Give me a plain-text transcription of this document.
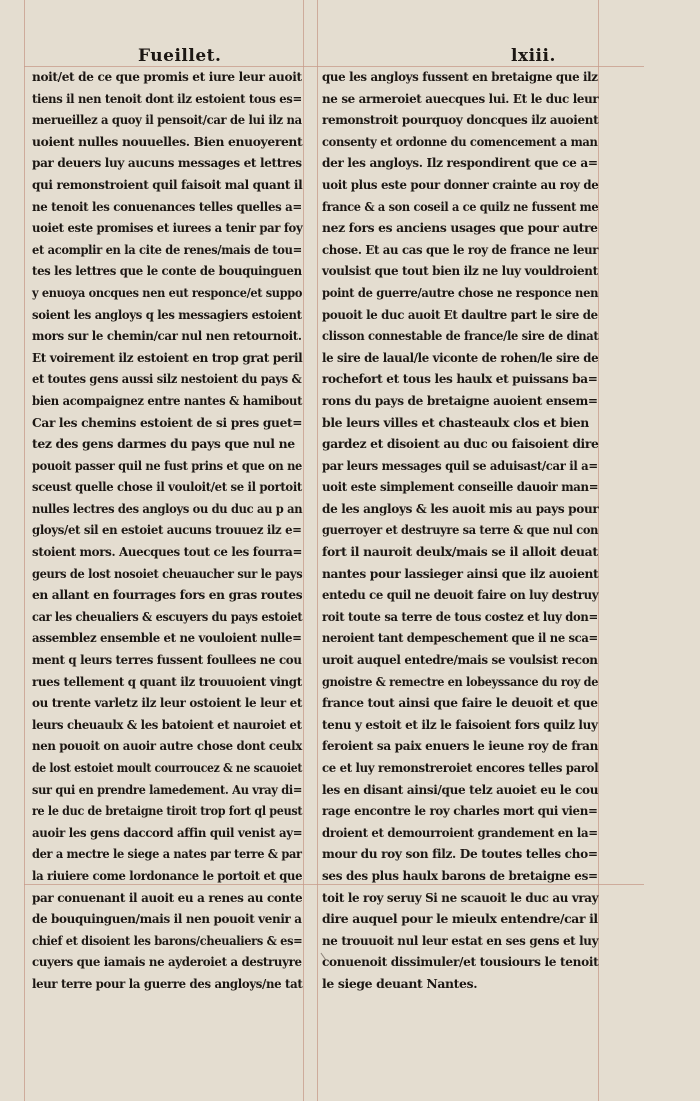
Fueillet.	lxiii.
noit/et de ce que promis et iure leur auoit
tiens il nen tenoit dont ilz estoient tous es=
merueillez a quoy il pensoit/car de lui ilz na
uoient nulles nouuelles. Bien enuoyerent
par deuers luy aucuns messages et lettres
qui remonstroient quil faisoit mal quant il
ne tenoit les conuenances telles quelles a=
uoiet este promises et iurees a tenir par foy
et acomplir en la cite de renes/mais de tou=
tes les lettres que le conte de bouquinguen
y enuoya oncques nen eut responce/et suppo
soient les angloys q les messagiers estoient
mors sur le chemin/car nul nen retournoit.
Et voirement ilz estoient en trop grat peril
et toutes gens aussi silz nestoient du pays &
bien acompaignez entre nantes & hamibout
Car les chemins estoient de si pres guet=
tez des gens darmes du pays que nul ne
pouoit passer quil ne fust prins et que on ne
sceust quelle chose il vouloit/et se il portoit
nulles lectres des angloys ou du duc au p an
gloys/et sil en estoiet aucuns trouuez ilz e=
stoient mors. Auecques tout ce les fourra=
geurs de lost nosoiet cheuaucher sur le pays
en allant en fourrages fors en gras routes
car les cheualiers & escuyers du pays estoiet
assemblez ensemble et ne vouloient nulle=
ment q leurs terres fussent foullees ne cou
rues tellement q quant ilz trouuoient vingt
ou trente varletz ilz leur ostoient le leur et
leurs cheuaulx & les batoient et nauroiet et
nen pouoit on auoir autre chose dont ceulx
de lost estoiet moult courroucez & ne scauoiet
sur qui en prendre lamedement. Au vray di=
re le duc de bretaigne tiroit trop fort ql peust
auoir les gens daccord affin quil venist ay=
der a mectre le siege a nates par terre & par
la riuiere come lordonance le portoit et que
par conuenant il auoit eu a renes au conte
de bouquinguen/mais il nen pouoit venir a
chief et disoient les barons/cheualiers & es=
cuyers que iamais ne ayderoiet a destruyre
leur terre pour la guerre des angloys/ne tat
que les angloys fussent en bretaigne que ilz
ne se armeroiet auecques lui. Et le duc leur
remonstroit pourquoy doncques ilz auoient
consenty et ordonne du comencement a man
der les angloys. Ilz respondirent que ce a=
uoit plus este pour donner crainte au roy de
france & a son coseil a ce quilz ne fussent me
nez fors es anciens usages que pour autre
chose. Et au cas que le roy de france ne leur
voulsist que tout bien ilz ne luy vouldroient
point de guerre/autre chose ne responce nen
pouoit le duc auoit Et daultre part le sire de
clisson connestable de france/le sire de dinat
le sire de laual/le viconte de rohen/le sire de
rochefort et tous les haulx et puissans ba=
rons du pays de bretaigne auoient ensem=
ble leurs villes et chasteaulx clos et bien
gardez et disoient au duc ou faisoient dire
par leurs messages quil se aduisast/car il a=
uoit este simplement conseille dauoir man=
de les angloys & les auoit mis au pays pour
guerroyer et destruyre sa terre & que nul con
fort il nauroit deulx/mais se il alloit deuat
nantes pour lassieger ainsi que ilz auoient
entedu ce quil ne deuoit faire on luy destruy
roit toute sa terre de tous costez et luy don=
neroient tant dempeschement que il ne sca=
uroit auquel entedre/mais se voulsist recon
gnoistre & remectre en lobeyssance du roy de
france tout ainsi que faire le deuoit et que
tenu y estoit et ilz le faisoient fors quilz luy
feroient sa paix enuers le ieune roy de fran
ce et luy remonstreroiet encores telles parol
les en disant ainsi/que telz auoiet eu le cou
rage encontre le roy charles mort qui vien=
droient et demourroient grandement en la=
mour du roy son filz. De toutes telles cho=
ses des plus haulx barons de bretaigne es=
toit le roy seruy Si ne scauoit le duc au vray
dire auquel pour le mieulx entendre/car il
ne trouuoit nul leur estat en ses gens et luy
conuenoit dissimuler/et tousiours le tenoit
le siege deuant Nantes.
